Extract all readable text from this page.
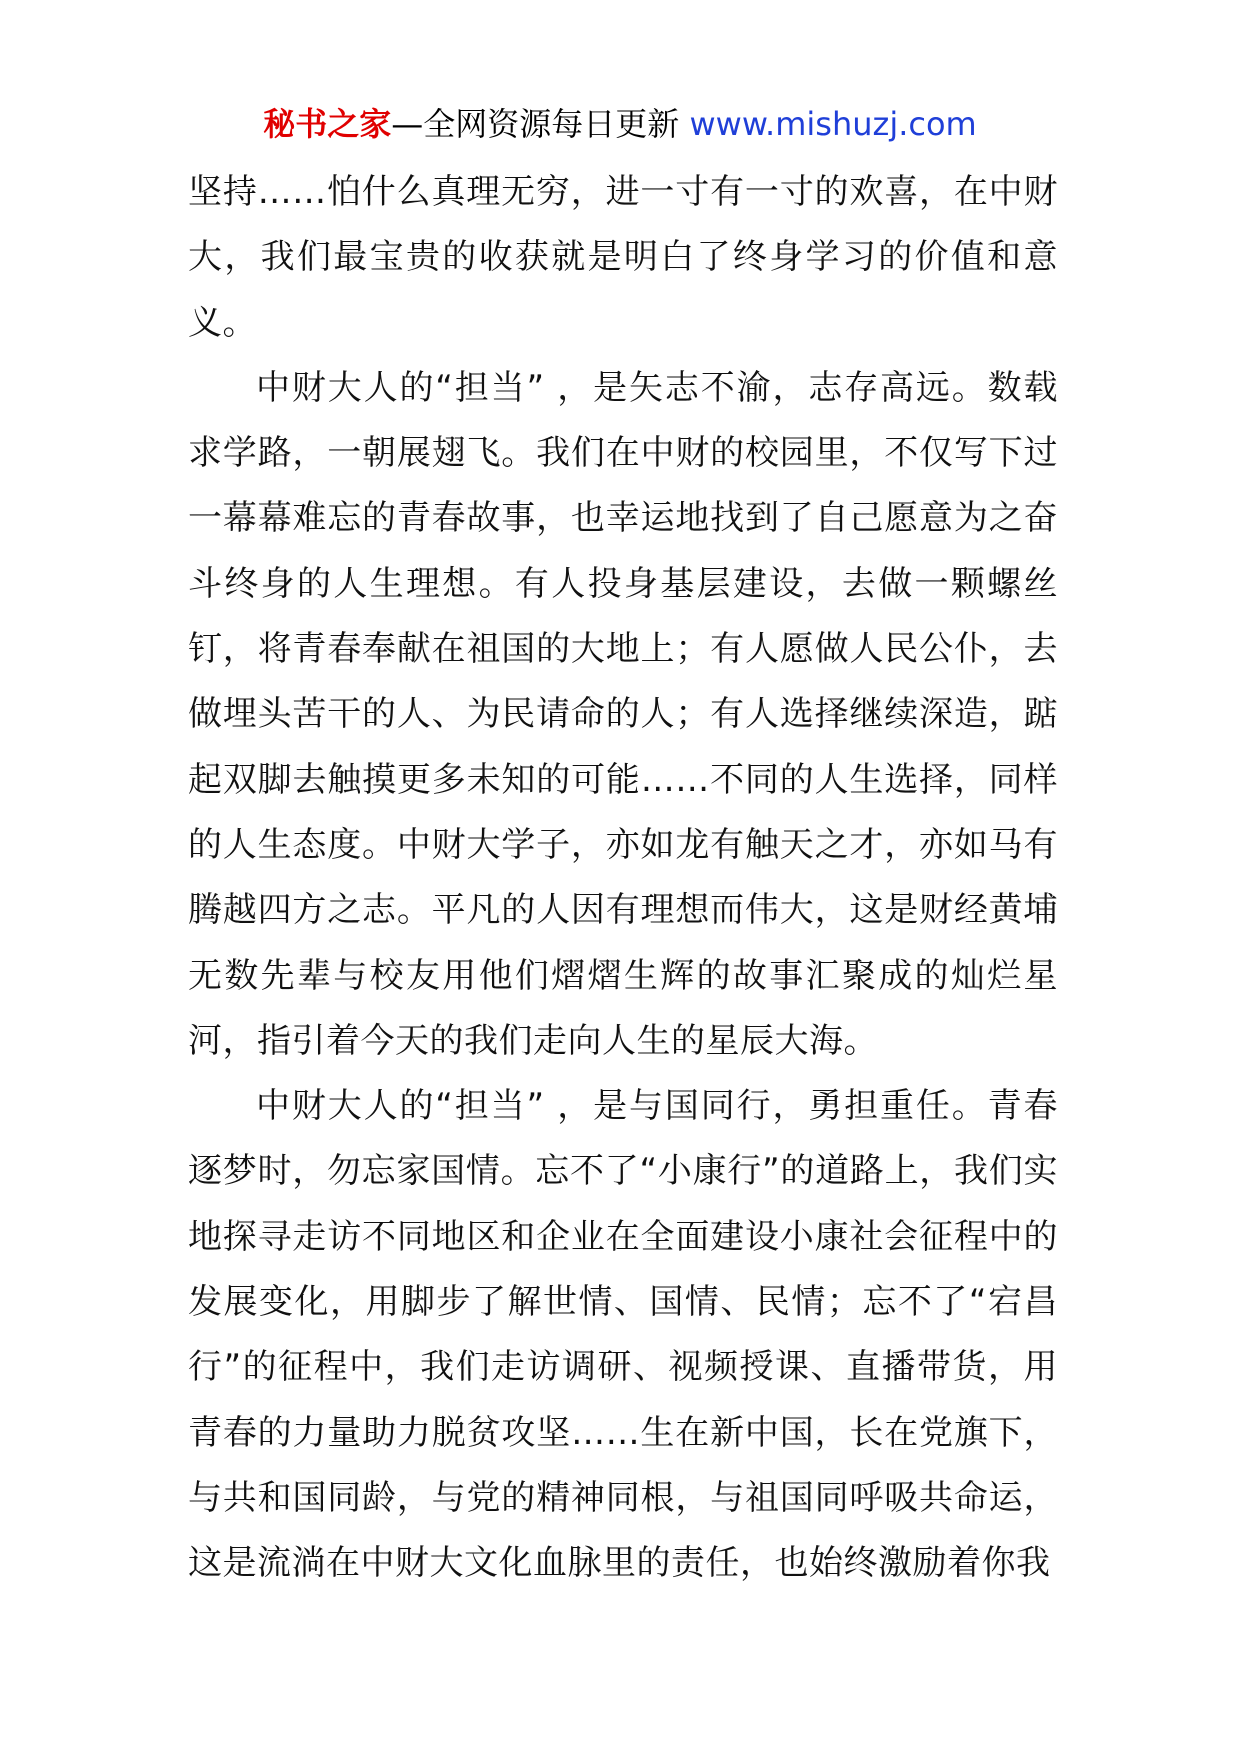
秘书之家—全网资源每日更新 www.mishuzj.com

坚持……怕什么真理无穷，进一寸有一寸的欢喜，在中财大，我们最宝贵的收获就是明白了终身学习的价值和意义。

中财大人的“担当” ，是矢志不渝，志存高远。数载求学路，一朝展翅飞。我们在中财的校园里，不仅写下过一幕幕难忘的青春故事，也幸运地找到了自己愿意为之奋斗终身的人生理想。有人投身基层建设，去做一颗螺丝钉，将青春奉献在祖国的大地上；有人愿做人民公仆，去做埋头苦干的人、为民请命的人；有人选择继续深造，踮起双脚去触摸更多未知的可能……不同的人生选择，同样的人生态度。中财大学子，亦如龙有触天之才，亦如马有腾越四方之志。平凡的人因有理想而伟大，这是财经黄埔无数先辈与校友用他们熠熠生辉的故事汇聚成的灿烂星河，指引着今天的我们走向人生的星辰大海。

中财大人的“担当” ，是与国同行，勇担重任。青春逐梦时，勿忘家国情。忘不了“小康行”的道路上，我们实地探寻走访不同地区和企业在全面建设小康社会征程中的发展变化，用脚步了解世情、国情、民情；忘不了“宕昌行”的征程中，我们走访调研、视频授课、直播带货，用青春的力量助力脱贫攻坚……生在新中国，长在党旗下，与共和国同龄，与党的精神同根，与祖国同呼吸共命运，这是流淌在中财大文化血脉里的责任，也始终激励着你我
